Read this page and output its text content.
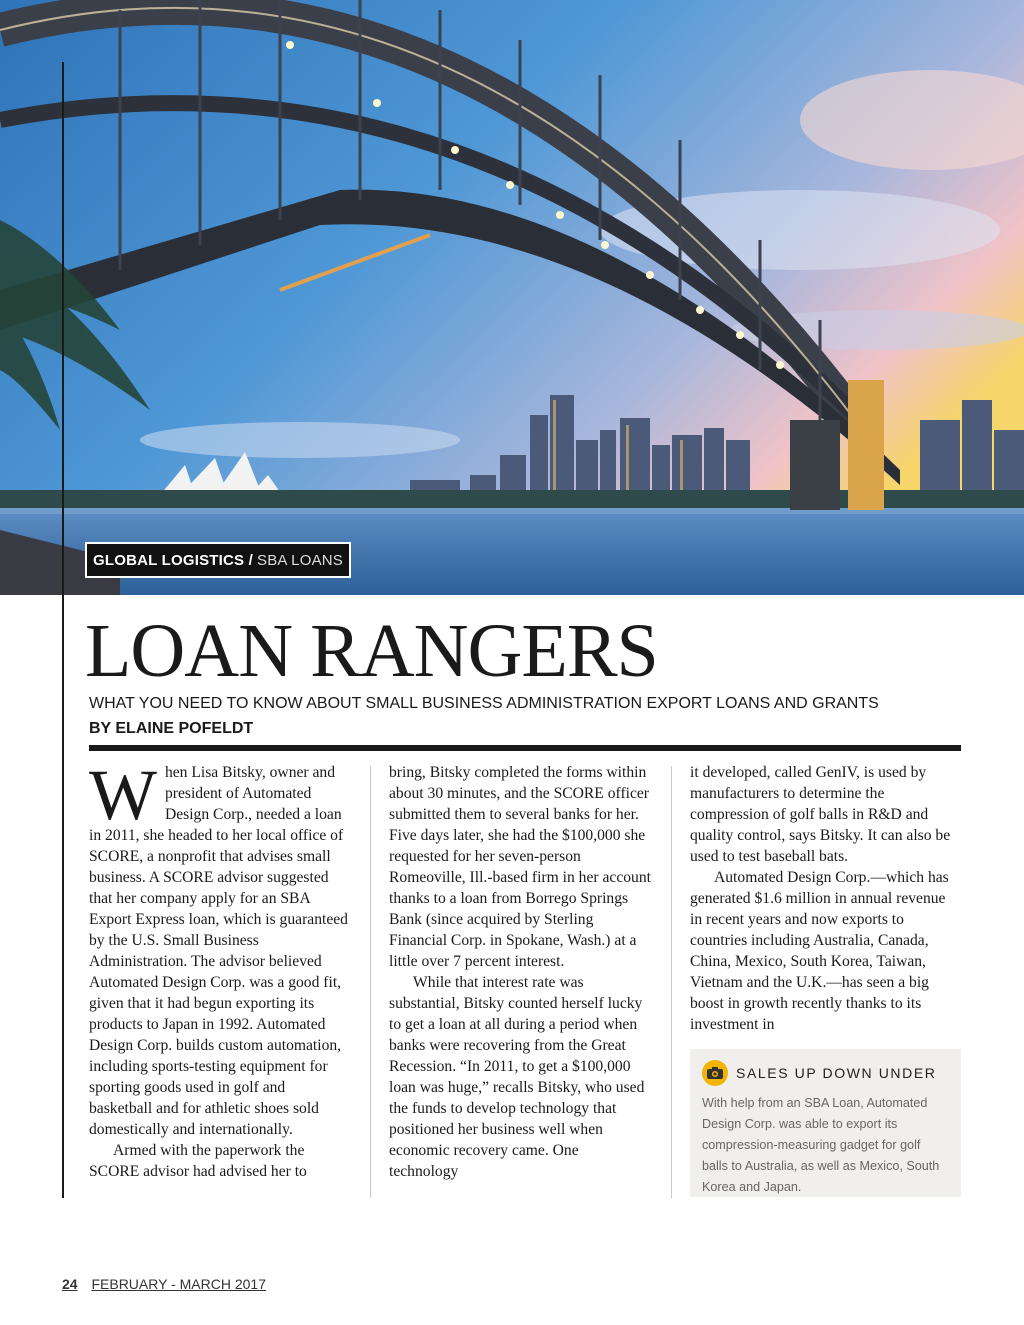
GLOBAL LOGISTICS / SBA LOANS
LOAN RANGERS
WHAT YOU NEED TO KNOW ABOUT SMALL BUSINESS ADMINISTRATION EXPORT LOANS AND GRANTS
BY ELAINE POFELDT

When Lisa Bitsky, owner and president of Automated Design Corp., needed a loan in 2011, she headed to her local office of SCORE, a nonprofit that advises small business. A SCORE advisor suggested that her company apply for an SBA Export Express loan, which is guaranteed by the U.S. Small Business Administration. The advisor believed Automated Design Corp. was a good fit, given that it had begun exporting its products to Japan in 1992. Automated Design Corp. builds custom automation, including sports-testing equipment for sporting goods used in golf and basketball and for athletic shoes sold domestically and internationally.

Armed with the paperwork the SCORE advisor had advised her to

bring, Bitsky completed the forms within about 30 minutes, and the SCORE officer submitted them to several banks for her. Five days later, she had the $100,000 she requested for her seven-person Romeoville, Ill.-based firm in her account thanks to a loan from Borrego Springs Bank (since acquired by Sterling Financial Corp. in Spokane, Wash.) at a little over 7 percent interest.

While that interest rate was substantial, Bitsky counted herself lucky to get a loan at all during a period when banks were recovering from the Great Recession. “In 2011, to get a $100,000 loan was huge,” recalls Bitsky, who used the funds to develop technology that positioned her business well when economic recovery came. One technology

it developed, called GenIV, is used by manufacturers to determine the compression of golf balls in R&D and quality control, says Bitsky. It can also be used to test baseball bats.

Automated Design Corp.—which has generated $1.6 million in annual revenue in recent years and now exports to countries including Australia, Canada, China, Mexico, South Korea, Taiwan, Vietnam and the U.K.—has seen a big boost in growth recently thanks to its investment in

SALES UP DOWN UNDER
With help from an SBA Loan, Automated Design Corp. was able to export its compression-measuring gadget for golf balls to Australia, as well as Mexico, South Korea and Japan.
24 FEBRUARY - MARCH 2017
